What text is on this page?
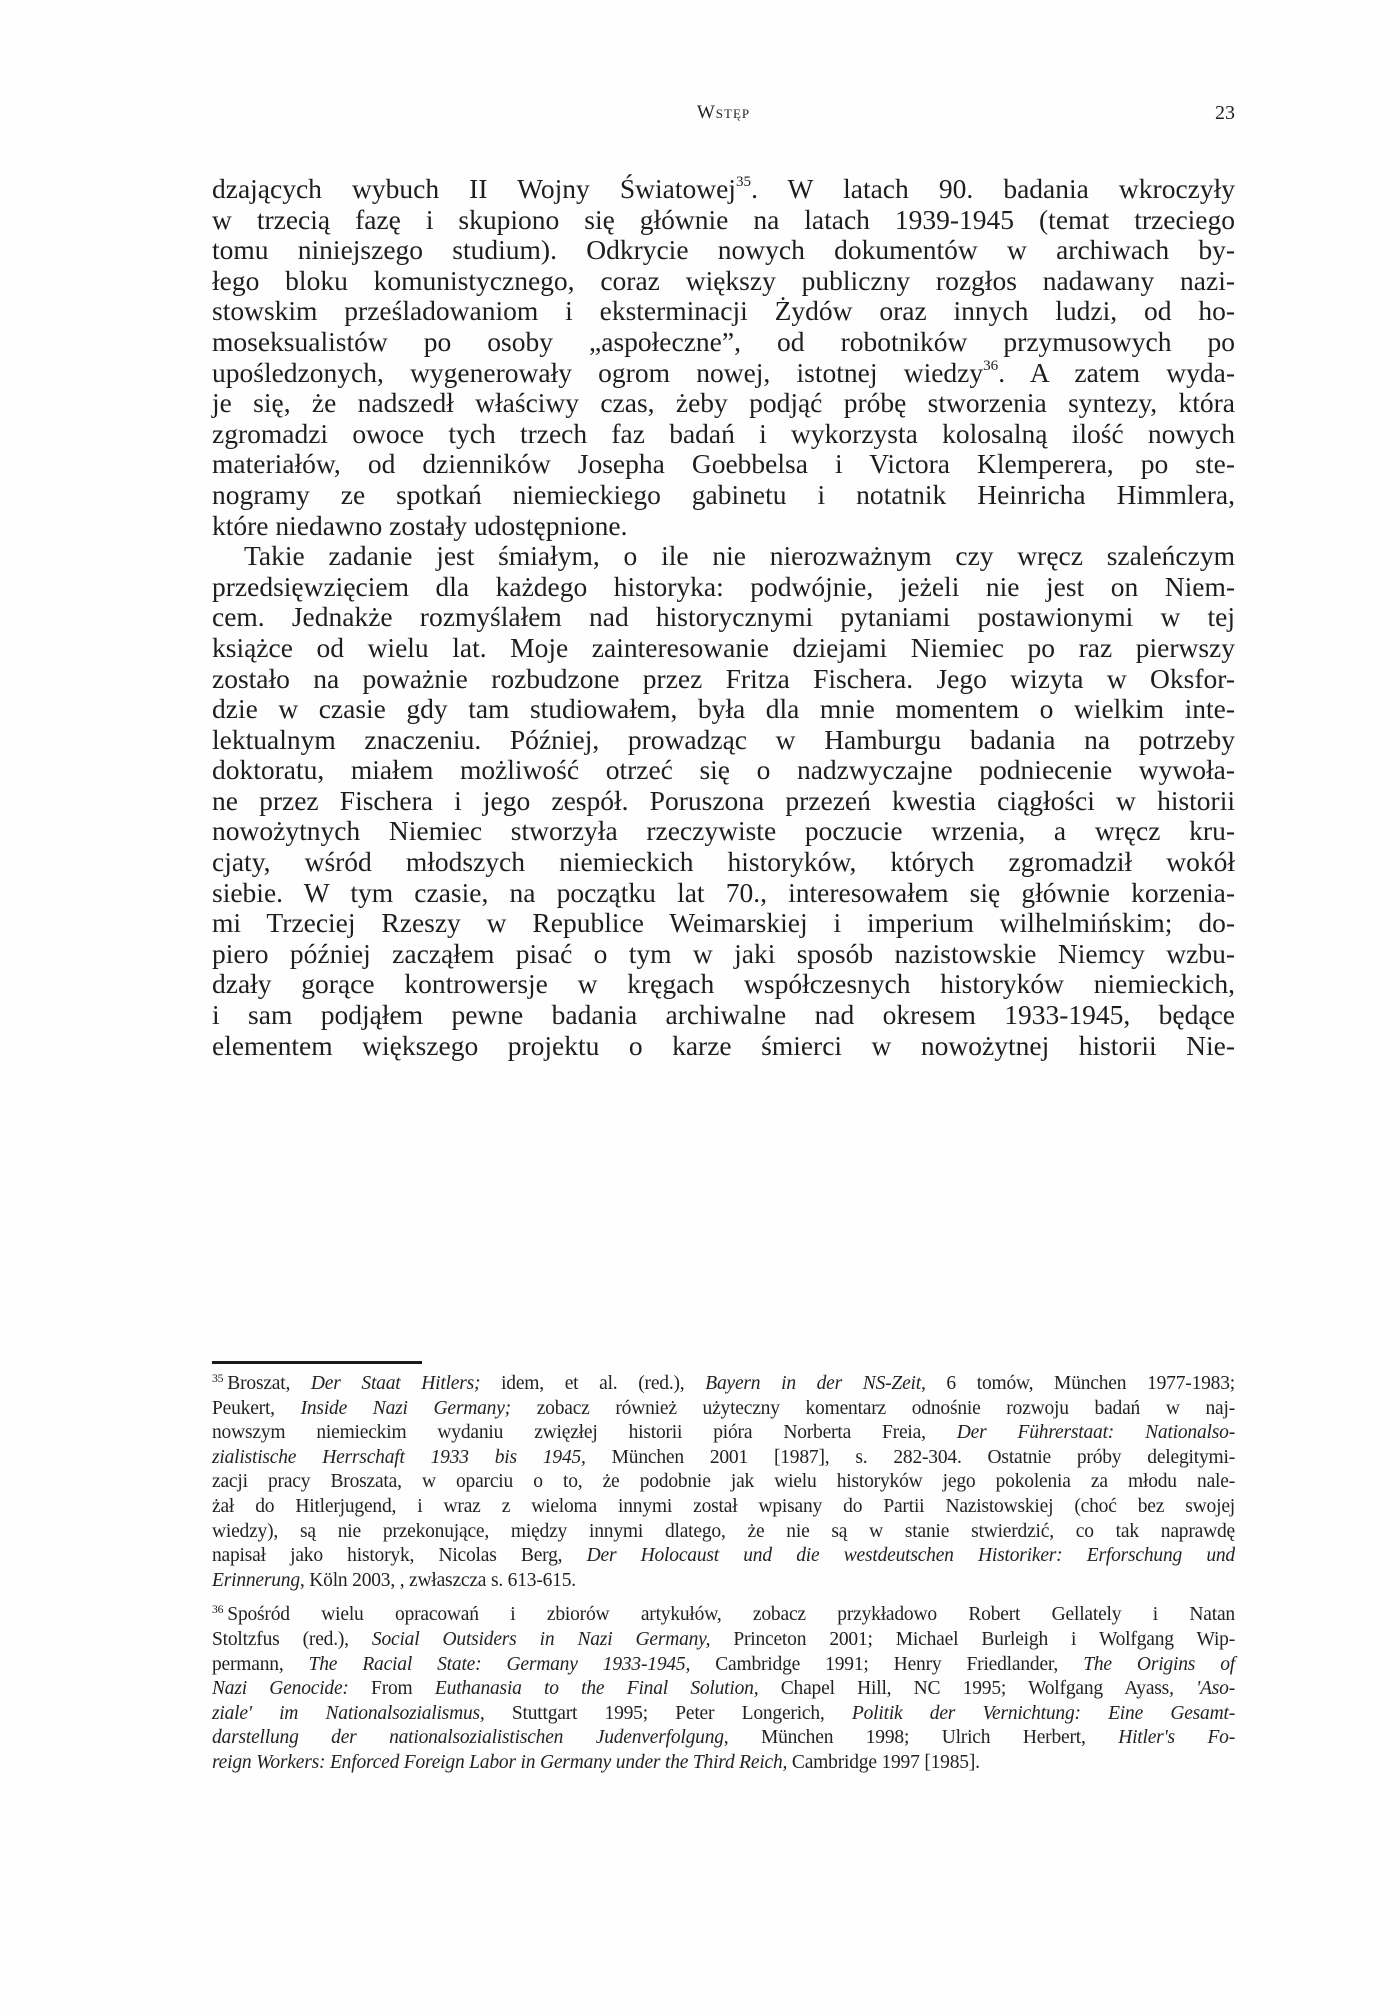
Wstęp	23

dzających wybuch II Wojny Światowej$^{35}$. W latach 90. badania wkroczyły
w trzecią fazę i skupiono się głównie na latach 1939-1945 (temat trzeciego
tomu niniejszego studium). Odkrycie nowych dokumentów w archiwach by-
łego bloku komunistycznego, coraz większy publiczny rozgłos nadawany nazi-
stowskim prześladowaniom i eksterminacji Żydów oraz innych ludzi, od ho-
moseksualistów po osoby „aspołeczne”, od robotników przymusowych po
upośledzonych, wygenerowały ogrom nowej, istotnej wiedzy$^{36}$. A zatem wyda-
je się, że nadszedł właściwy czas, żeby podjąć próbę stworzenia syntezy, która
zgromadzi owoce tych trzech faz badań i wykorzysta kolosalną ilość nowych
materiałów, od dzienników Josepha Goebbelsa i Victora Klemperera, po ste-
nogramy ze spotkań niemieckiego gabinetu i notatnik Heinricha Himmlera,
które niedawno zostały udostępnione.

Takie zadanie jest śmiałym, o ile nie nierozważnym czy wręcz szaleńczym
przedsięwzięciem dla każdego historyka: podwójnie, jeżeli nie jest on Niem-
cem. Jednakże rozmyślałem nad historycznymi pytaniami postawionymi w tej
książce od wielu lat. Moje zainteresowanie dziejami Niemiec po raz pierwszy
zostało na poważnie rozbudzone przez Fritza Fischera. Jego wizyta w Oksfor-
dzie w czasie gdy tam studiowałem, była dla mnie momentem o wielkim inte-
lektualnym znaczeniu. Później, prowadząc w Hamburgu badania na potrzeby
doktoratu, miałem możliwość otrzeć się o nadzwyczajne podniecenie wywoła-
ne przez Fischera i jego zespół. Poruszona przezeń kwestia ciągłości w historii
nowożytnych Niemiec stworzyła rzeczywiste poczucie wrzenia, a wręcz kru-
cjaty, wśród młodszych niemieckich historyków, których zgromadził wokół
siebie. W tym czasie, na początku lat 70., interesowałem się głównie korzenia-
mi Trzeciej Rzeszy w Republice Weimarskiej i imperium wilhelmińskim; do-
piero później zacząłem pisać o tym w jaki sposób nazistowskie Niemcy wzbu-
dzały gorące kontrowersje w kręgach współczesnych historyków niemieckich,
i sam podjąłem pewne badania archiwalne nad okresem 1933-1945, będące
elementem większego projektu o karze śmierci w nowożytnej historii Nie-

$^{35}$ Broszat, Der Staat Hitlers; idem, et al. (red.), Bayern in der NS-Zeit, 6 tomów, München 1977-1983;
Peukert, Inside Nazi Germany; zobacz również użyteczny komentarz odnośnie rozwoju badań w naj-
nowszym niemieckim wydaniu zwięzłej historii pióra Norberta Freia, Der Führerstaat: Nationalso-
zialistische Herrschaft 1933 bis 1945, München 2001 [1987], s. 282-304. Ostatnie próby delegitymi-
zacji pracy Broszata, w oparciu o to, że podobnie jak wielu historyków jego pokolenia za młodu nale-
żał do Hitlerjugend, i wraz z wieloma innymi został wpisany do Partii Nazistowskiej (choć bez swojej
wiedzy), są nie przekonujące, między innymi dlatego, że nie są w stanie stwierdzić, co tak naprawdę
napisał jako historyk, Nicolas Berg, Der Holocaust und die westdeutschen Historiker: Erforschung und
Erinnerung, Köln 2003, , zwłaszcza s. 613-615.
$^{36}$ Spośród wielu opracowań i zbiorów artykułów, zobacz przykładowo Robert Gellately i Natan
Stoltzfus (red.), Social Outsiders in Nazi Germany, Princeton 2001; Michael Burleigh i Wolfgang Wip-
permann, The Racial State: Germany 1933-1945, Cambridge 1991; Henry Friedlander, The Origins of
Nazi Genocide: From Euthanasia to the Final Solution, Chapel Hill, NC 1995; Wolfgang Ayass, 'Aso-
ziale' im Nationalsozialismus, Stuttgart 1995; Peter Longerich, Politik der Vernichtung: Eine Gesamt-
darstellung der nationalsozialistischen Judenverfolgung, München 1998; Ulrich Herbert, Hitler's Fo-
reign Workers: Enforced Foreign Labor in Germany under the Third Reich, Cambridge 1997 [1985].
